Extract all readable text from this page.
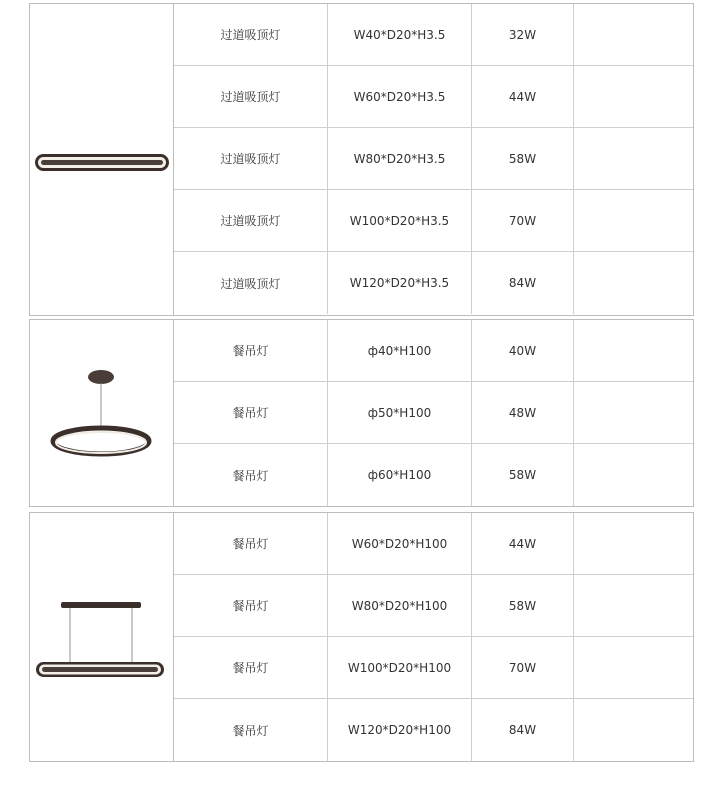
过道吸顶灯	W40*D20*H3.5	32W
过道吸顶灯	W60*D20*H3.5	44W
过道吸顶灯	W80*D20*H3.5	58W
过道吸顶灯	W100*D20*H3.5	70W
过道吸顶灯	W120*D20*H3.5	84W
餐吊灯	ф40*H100	40W
餐吊灯	ф50*H100	48W
餐吊灯	ф60*H100	58W
餐吊灯	W60*D20*H100	44W
餐吊灯	W80*D20*H100	58W
餐吊灯	W100*D20*H100	70W
餐吊灯	W120*D20*H100	84W
